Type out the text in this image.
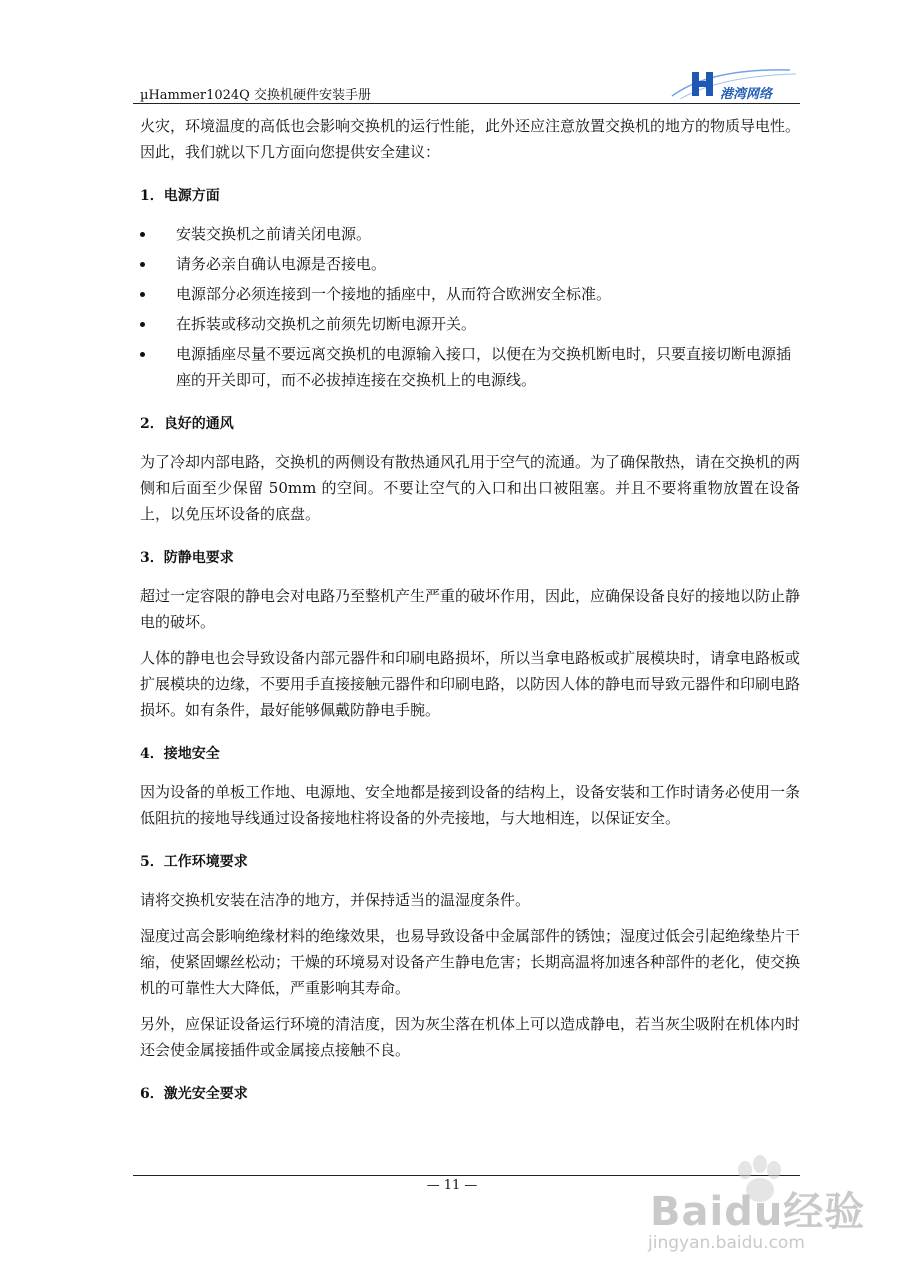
µHammer1024Q 交换机硬件安装手册	港湾网络

火灾，环境温度的高低也会影响交换机的运行性能，此外还应注意放置交换机的地方的物质导电性。因此，我们就以下几方面向您提供安全建议：

1．电源方面
安装交换机之前请关闭电源。
请务必亲自确认电源是否接电。
电源部分必须连接到一个接地的插座中，从而符合欧洲安全标准。
在拆装或移动交换机之前须先切断电源开关。
电源插座尽量不要远离交换机的电源输入接口，以便在为交换机断电时，只要直接切断电源插座的开关即可，而不必拔掉连接在交换机上的电源线。
2．良好的通风

为了冷却内部电路，交换机的两侧设有散热通风孔用于空气的流通。为了确保散热，请在交换机的两侧和后面至少保留 50mm 的空间。不要让空气的入口和出口被阻塞。并且不要将重物放置在设备上，以免压坏设备的底盘。

3．防静电要求

超过一定容限的静电会对电路乃至整机产生严重的破坏作用，因此，应确保设备良好的接地以防止静电的破坏。

人体的静电也会导致设备内部元器件和印刷电路损坏，所以当拿电路板或扩展模块时，请拿电路板或扩展模块的边缘，不要用手直接接触元器件和印刷电路，以防因人体的静电而导致元器件和印刷电路损坏。如有条件，最好能够佩戴防静电手腕。

4．接地安全

因为设备的单板工作地、电源地、安全地都是接到设备的结构上，设备安装和工作时请务必使用一条低阻抗的接地导线通过设备接地柱将设备的外壳接地，与大地相连，以保证安全。

5．工作环境要求

请将交换机安装在洁净的地方，并保持适当的温湿度条件。

湿度过高会影响绝缘材料的绝缘效果，也易导致设备中金属部件的锈蚀；湿度过低会引起绝缘垫片干缩，使紧固螺丝松动；干燥的环境易对设备产生静电危害；长期高温将加速各种部件的老化，使交换机的可靠性大大降低，严重影响其寿命。

另外，应保证设备运行环境的清洁度，因为灰尘落在机体上可以造成静电，若当灰尘吸附在机体内时还会使金属接插件或金属接点接触不良。

6．激光安全要求
— 11 —
Baidu经验
jingyan.baidu.com
